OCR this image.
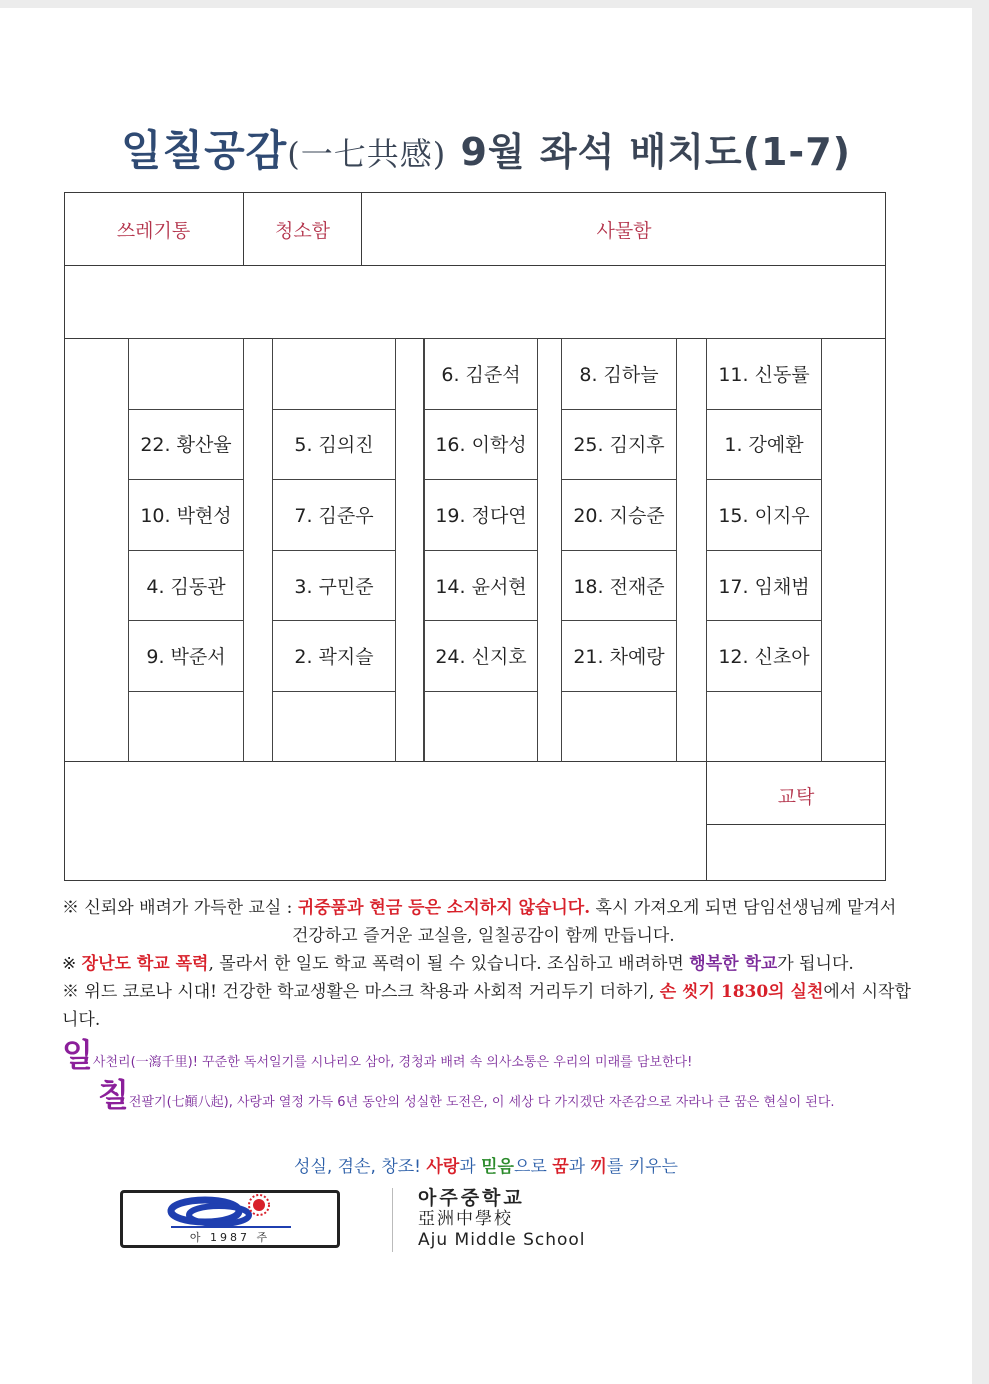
일칠공감(一七共感) 9월 좌석 배치도(1-7)
쓰레기통	청소함	사물함
교탁
22. 황산율
10. 박현성
4. 김동관
9. 박준서
5. 김의진
7. 김준우
3. 구민준
2. 곽지슬
6. 김준석
16. 이학성
19. 정다연
14. 윤서현
24. 신지호
8. 김하늘
25. 김지후
20. 지승준
18. 전재준
21. 차예랑
11. 신동률
1. 강예환
15. 이지우
17. 임채범
12. 신초아
※ 신뢰와 배려가 가득한 교실 : 귀중품과 현금 등은 소지하지 않습니다. 혹시 가져오게 되면 담임선생님께 맡겨서
건강하고 즐거운 교실을, 일칠공감이 함께 만듭니다.
※ 장난도 학교 폭력, 몰라서 한 일도 학교 폭력이 될 수 있습니다. 조심하고 배려하면 행복한 학교가 됩니다.
※ 위드 코로나 시대! 건강한 학교생활은 마스크 착용과 사회적 거리두기 더하기, 손 씻기 1830의 실천에서 시작합니다.
일사천리(一瀉千里)! 꾸준한 독서일기를 시나리오 삼아, 경청과 배려 속 의사소통은 우리의 미래를 담보한다!
칠전팔기(七顚八起), 사랑과 열정 가득 6년 동안의 성실한 도전은, 이 세상 다 가지겠단 자존감으로 자라나 큰 꿈은 현실이 된다.
성실, 겸손, 창조! 사랑과 믿음으로 꿈과 끼를 키우는
아 1987 주
아주중학교
亞洲中學校
Aju Middle School
